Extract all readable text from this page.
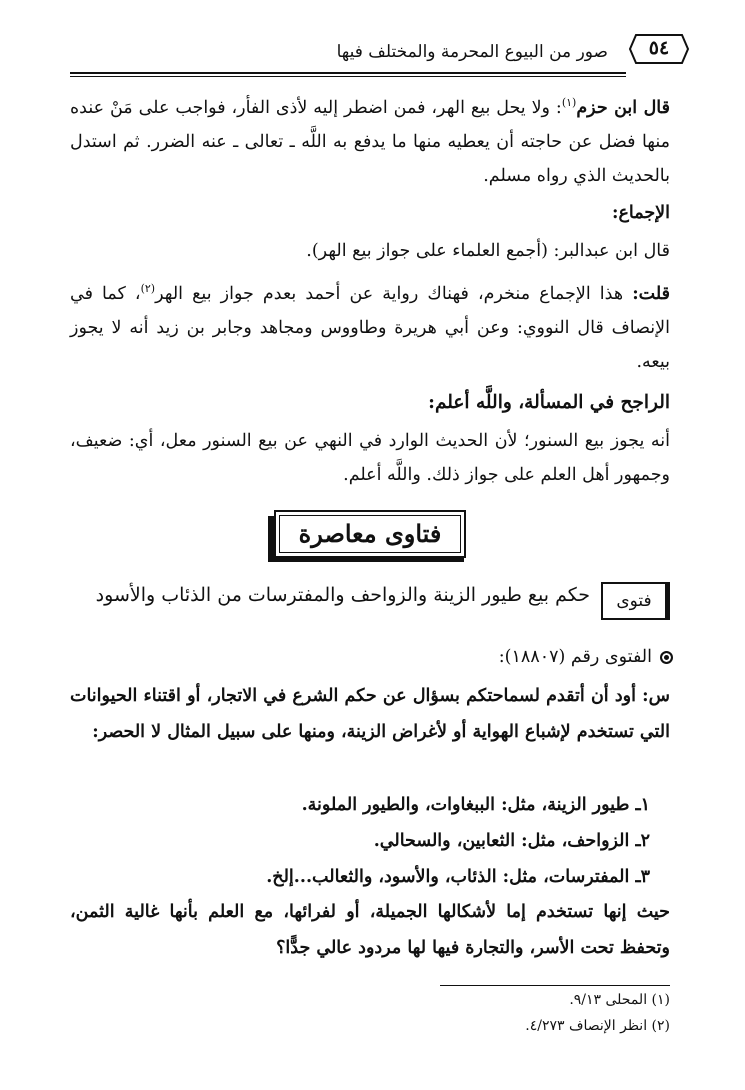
٥٤
صور من البيوع المحرمة والمختلف فيها
قال ابن حزم$^{(١)}$: ولا يحل بيع الهر، فمن اضطر إليه لأذى الفأر، فواجب على مَنْ عنده منها فضل عن حاجته أن يعطيه منها ما يدفع به اللَّه ـ تعالى ـ عنه الضرر. ثم استدل بالحديث الذي رواه مسلم.
الإجماع:
قال ابن عبدالبر: (أجمع العلماء على جواز بيع الهر).
قلت: هذا الإجماع منخرم، فهناك رواية عن أحمد بعدم جواز بيع الهر$^{(٢)}$، كما في الإنصاف قال النووي: وعن أبي هريرة وطاووس ومجاهد وجابر بن زيد أنه لا يجوز بيعه.
الراجح في المسألة، واللَّه أعلم:
أنه يجوز بيع السنور؛ لأن الحديث الوارد في النهي عن بيع السنور معل، أي: ضعيف، وجمهور أهل العلم على جواز ذلك. واللَّه أعلم.
فتاوى معاصرة
فتوى
حكم بيع طيور الزينة والزواحف والمفترسات من الذئاب والأسود
الفتوى رقم (١٨٨٠٧):
س: أود أن أتقدم لسماحتكم بسؤال عن حكم الشرع في الاتجار، أو اقتناء الحيوانات التي تستخدم لإشباع الهواية أو لأغراض الزينة، ومنها على سبيل المثال لا الحصر:
١ـ طيور الزينة، مثل: الببغاوات، والطيور الملونة.
٢ـ الزواحف، مثل: الثعابين، والسحالي.
٣ـ المفترسات، مثل: الذئاب، والأسود، والثعالب...إلخ.
حيث إنها تستخدم إما لأشكالها الجميلة، أو لفرائها، مع العلم بأنها غالية الثمن، وتحفظ تحت الأسر، والتجارة فيها لها مردود عالي جدًّا؟
(١) المحلى ٩/١٣.
(٢) انظر الإنصاف ٤/٢٧٣.
